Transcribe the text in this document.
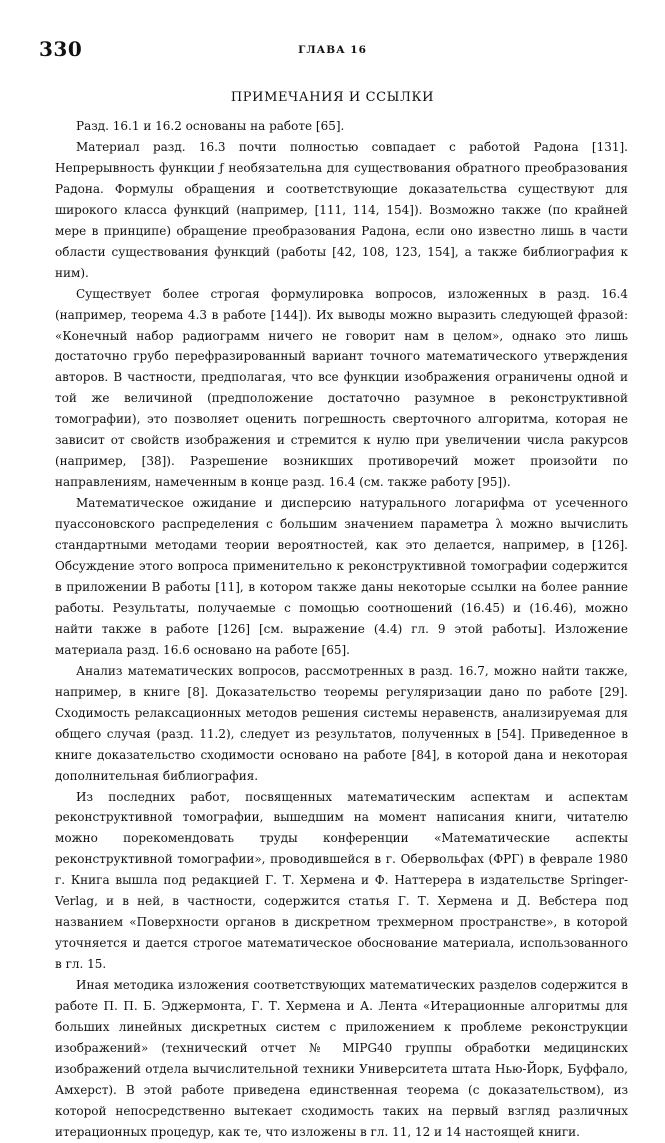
330	ГЛАВА 16
ПРИМЕЧАНИЯ И ССЫЛКИ

Разд. 16.1 и 16.2 основаны на работе [65].

Материал разд. 16.3 почти полностью совпадает с работой Радона [131]. Непрерывность функции ƒ необязательна для существования обратного преобразования Радона. Формулы обращения и соответствующие доказательства существуют для широкого класса функций (например, [111, 114, 154]). Возможно также (по крайней мере в принципе) обращение преобразования Радона, если оно известно лишь в части области существования функций (работы [42, 108, 123, 154], а также библиография к ним).

Существует более строгая формулировка вопросов, изложенных в разд. 16.4 (например, теорема 4.3 в работе [144]). Их выводы можно выразить следующей фразой: «Конечный набор радиограмм ничего не говорит нам в целом», однако это лишь достаточно грубо перефразированный вариант точного математического утверждения авторов. В частности, предполагая, что все функции изображения ограничены одной и той же величиной (предположение достаточно разумное в реконструктивной томографии), это позволяет оценить погрешность сверточного алгоритма, которая не зависит от свойств изображения и стремится к нулю при увеличении числа ракурсов (например, [38]). Разрешение возникших противоречий может произойти по направлениям, намеченным в конце разд. 16.4 (см. также работу [95]).

Математическое ожидание и дисперсию натурального логарифма от усеченного пуассоновского распределения с большим значением параметра λ можно вычислить стандартными методами теории вероятностей, как это делается, например, в [126]. Обсуждение этого вопроса применительно к реконструктивной томографии содержится в приложении B работы [11], в котором также даны некоторые ссылки на более ранние работы. Результаты, получаемые с помощью соотношений (16.45) и (16.46), можно найти также в работе [126] [см. выражение (4.4) гл. 9 этой работы]. Изложение материала разд. 16.6 основано на работе [65].

Анализ математических вопросов, рассмотренных в разд. 16.7, можно найти также, например, в книге [8]. Доказательство теоремы регуляризации дано по работе [29]. Сходимость релаксационных методов решения системы неравенств, анализируемая для общего случая (разд. 11.2), следует из результатов, полученных в [54]. Приведенное в книге доказательство сходимости основано на работе [84], в которой дана и некоторая дополнительная библиография.

Из последних работ, посвященных математическим аспектам и аспектам реконструктивной томографии, вышедшим на момент написания книги, читателю можно порекомендовать труды конференции «Математические аспекты реконструктивной томографии», проводившейся в г. Обервольфах (ФРГ) в феврале 1980 г. Книга вышла под редакцией Г. Т. Хермена и Ф. Наттерера в издательстве Springer-Verlag, и в ней, в частности, содержится статья Г. Т. Хермена и Д. Вебстера под названием «Поверхности органов в дискретном трехмерном пространстве», в которой уточняется и дается строгое математическое обоснование материала, использованного в гл. 15.

Иная методика изложения соответствующих математических разделов содержится в работе П. П. Б. Эджермонта, Г. Т. Хермена и А. Лента «Итерационные алгоритмы для больших линейных дискретных систем с приложением к проблеме реконструкции изображений» (технический отчет № MIPG40 группы обработки медицинских изображений отдела вычислительной техники Университета штата Нью-Йорк, Буффало, Амхерст). В этой работе приведена единственная теорема (с доказательством), из которой непосредственно вытекает сходимость таких на первый взгляд различных итерационных процедур, как те, что изложены в гл. 11, 12 и 14 настоящей книги.
